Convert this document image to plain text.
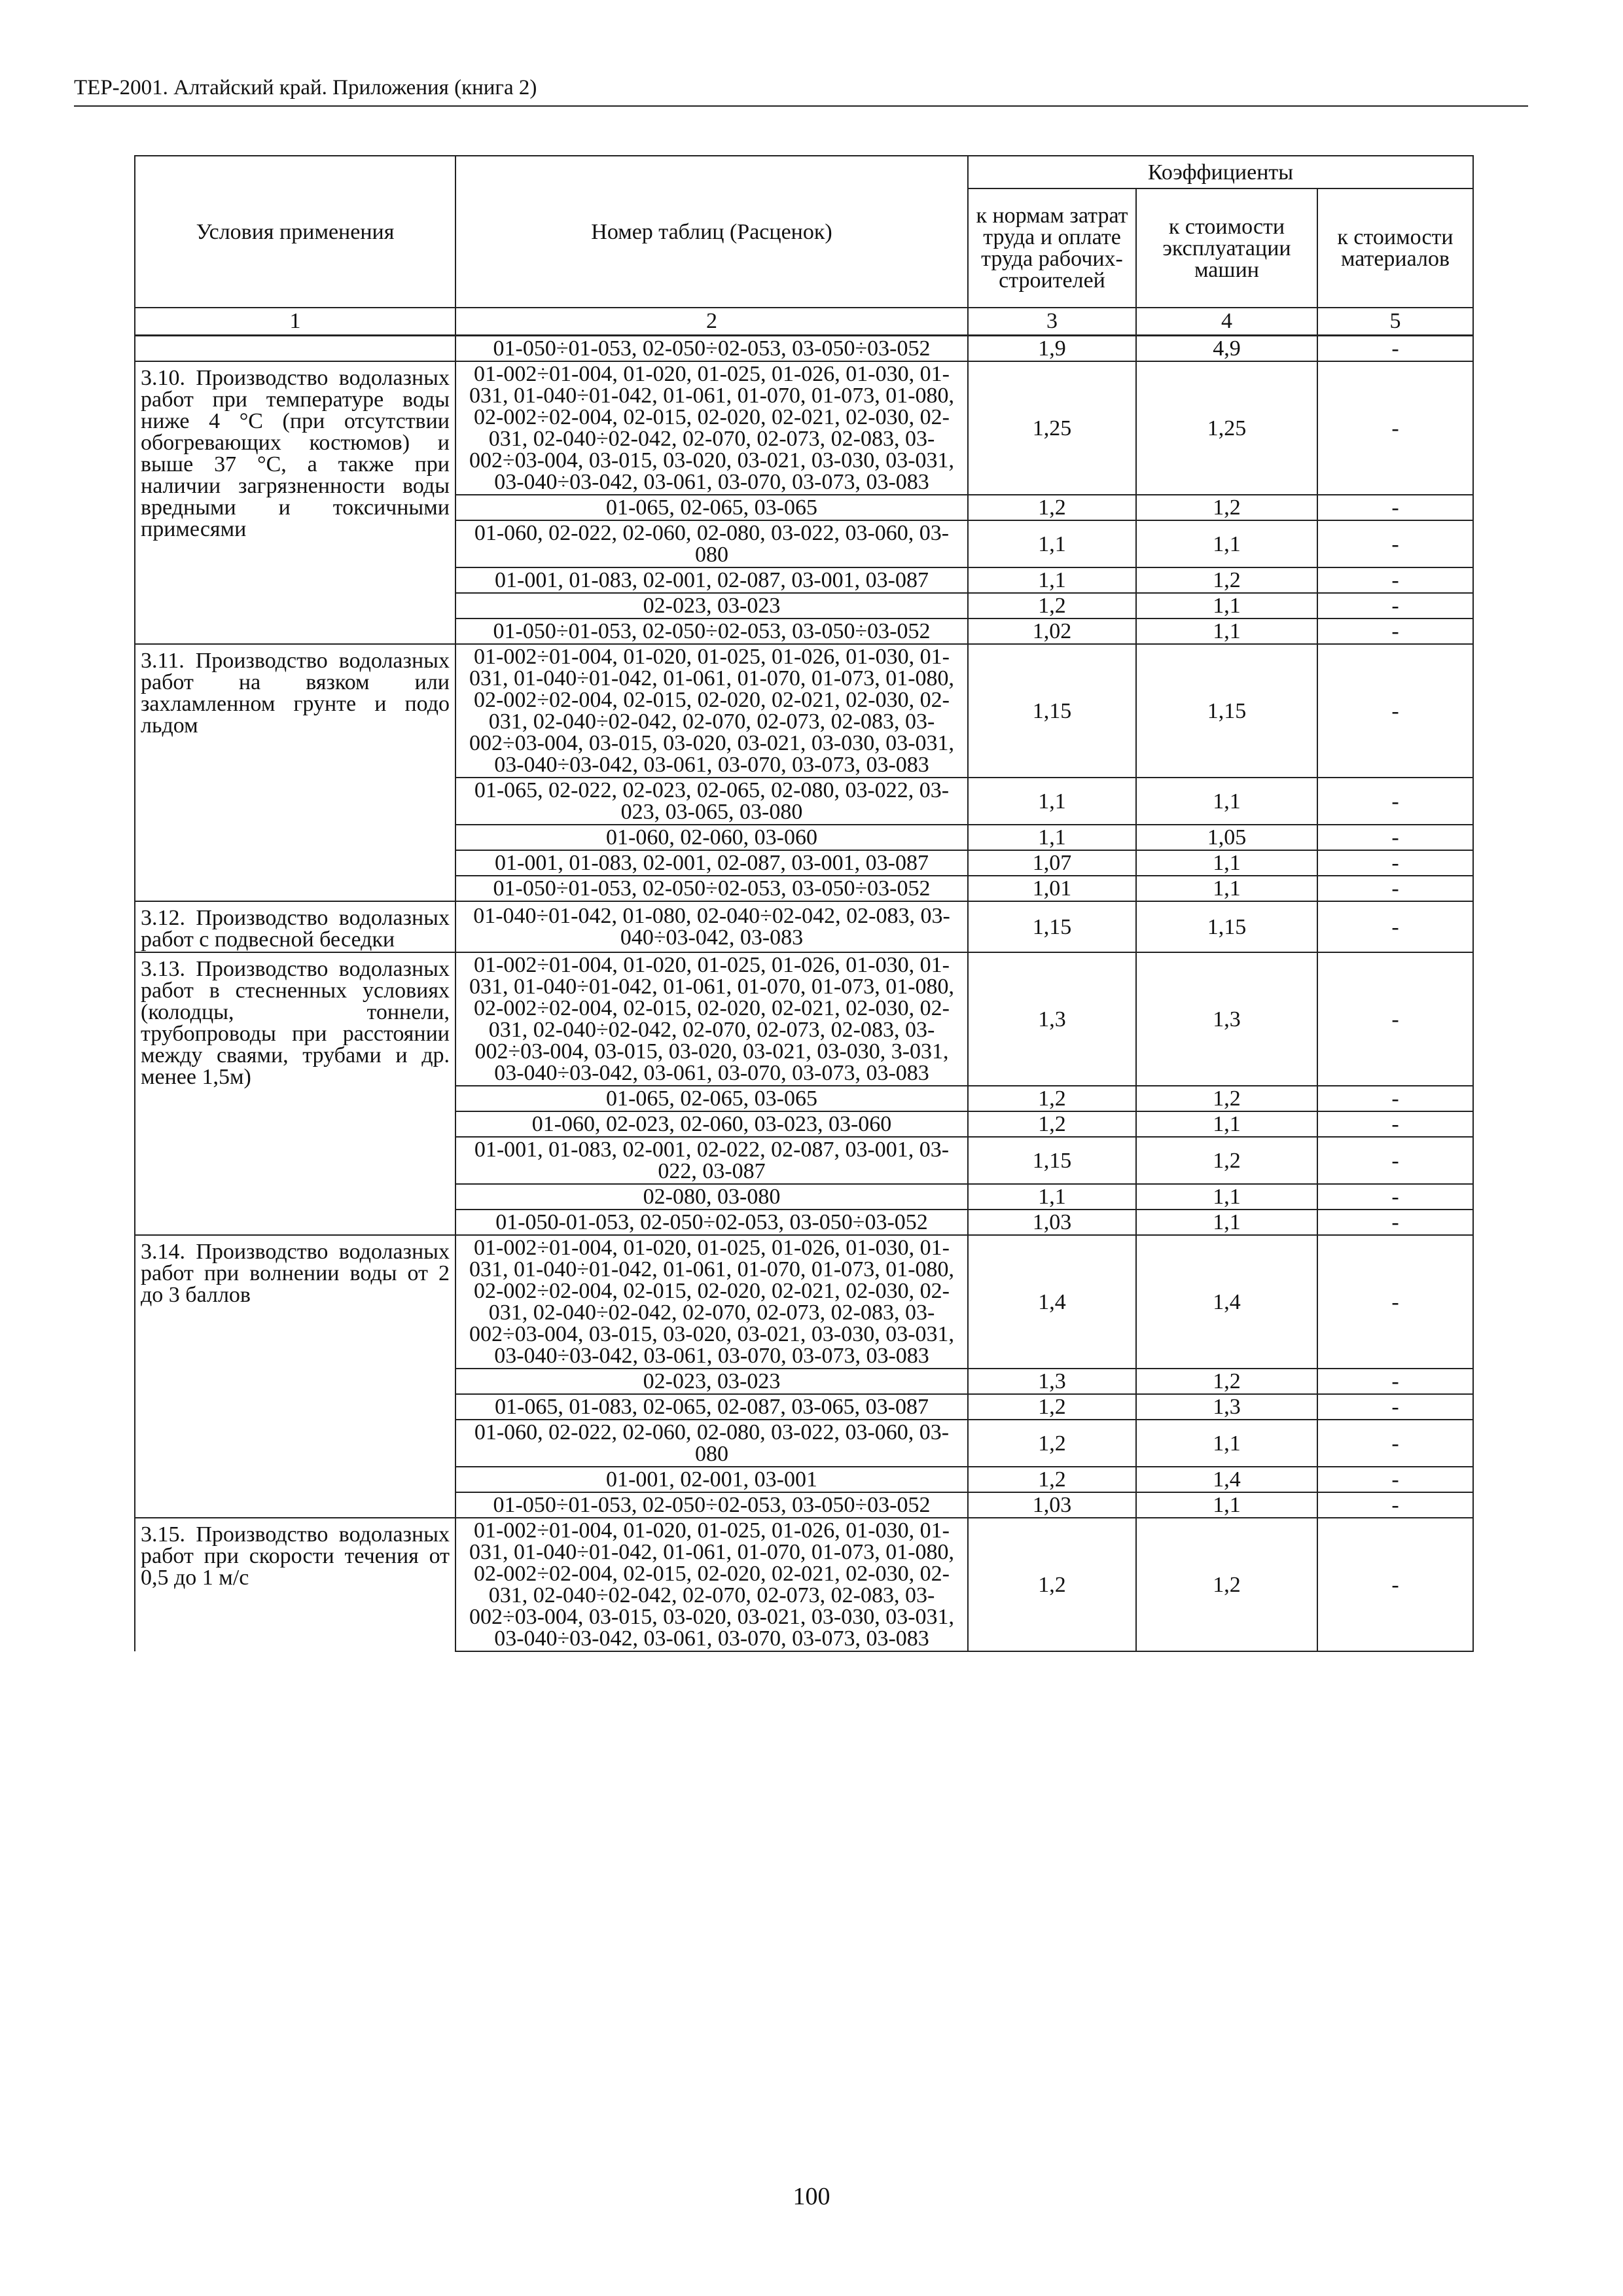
ТЕР-2001. Алтайский край. Приложения (книга 2)
Условия применения	Номер таблиц (Расценок)	Коэффициенты		
		к нормам затрат труда и оплате труда рабочих-строителей	к стоимости эксплуатации машин	к стоимости материалов
1	2	3	4	5
	01-050÷01-053, 02-050÷02-053, 03-050÷03-052	1,9	4,9	-
3.10. Производство водолазных работ при температуре воды ниже 4 °С (при отсутствии обогревающих костюмов) и выше 37 °С, а также при наличии загрязненности воды вредными и токсичными примесями	01-002÷01-004, 01-020, 01-025, 01-026, 01-030, 01-031, 01-040÷01-042, 01-061, 01-070, 01-073, 01-080, 02-002÷02-004, 02-015, 02-020, 02-021, 02-030, 02-031, 02-040÷02-042, 02-070, 02-073, 02-083, 03-002÷03-004, 03-015, 03-020, 03-021, 03-030, 03-031, 03-040÷03-042, 03-061, 03-070, 03-073, 03-083	1,25	1,25	-
	01-065, 02-065, 03-065	1,2	1,2	-
	01-060, 02-022, 02-060, 02-080, 03-022, 03-060, 03-080	1,1	1,1	-
	01-001, 01-083, 02-001, 02-087, 03-001, 03-087	1,1	1,2	-
	02-023, 03-023	1,2	1,1	-
	01-050÷01-053, 02-050÷02-053, 03-050÷03-052	1,02	1,1	-
3.11. Производство водолазных работ на вязком или захламленном грунте и подо льдом	01-002÷01-004, 01-020, 01-025, 01-026, 01-030, 01-031, 01-040÷01-042, 01-061, 01-070, 01-073, 01-080, 02-002÷02-004, 02-015, 02-020, 02-021, 02-030, 02-031, 02-040÷02-042, 02-070, 02-073, 02-083, 03-002÷03-004, 03-015, 03-020, 03-021, 03-030, 03-031, 03-040÷03-042, 03-061, 03-070, 03-073, 03-083	1,15	1,15	-
	01-065, 02-022, 02-023, 02-065, 02-080, 03-022, 03-023, 03-065, 03-080	1,1	1,1	-
	01-060, 02-060, 03-060	1,1	1,05	-
	01-001, 01-083, 02-001, 02-087, 03-001, 03-087	1,07	1,1	-
	01-050÷01-053, 02-050÷02-053, 03-050÷03-052	1,01	1,1	-
3.12. Производство водолазных работ с подвесной беседки	01-040÷01-042, 01-080, 02-040÷02-042, 02-083, 03-040÷03-042, 03-083	1,15	1,15	-
3.13. Производство водолазных работ в стесненных условиях (колодцы, тоннели, трубопроводы при расстоянии между сваями, трубами и др. менее 1,5м)	01-002÷01-004, 01-020, 01-025, 01-026, 01-030, 01-031, 01-040÷01-042, 01-061, 01-070, 01-073, 01-080, 02-002÷02-004, 02-015, 02-020, 02-021, 02-030, 02-031, 02-040÷02-042, 02-070, 02-073, 02-083, 03-002÷03-004, 03-015, 03-020, 03-021, 03-030, 3-031, 03-040÷03-042, 03-061, 03-070, 03-073, 03-083	1,3	1,3	-
	01-065, 02-065, 03-065	1,2	1,2	-
	01-060, 02-023, 02-060, 03-023, 03-060	1,2	1,1	-
	01-001, 01-083, 02-001, 02-022, 02-087, 03-001, 03-022, 03-087	1,15	1,2	-
	02-080, 03-080	1,1	1,1	-
	01-050-01-053, 02-050÷02-053, 03-050÷03-052	1,03	1,1	-
3.14. Производство водолазных работ при волнении воды от 2 до 3 баллов	01-002÷01-004, 01-020, 01-025, 01-026, 01-030, 01-031, 01-040÷01-042, 01-061, 01-070, 01-073, 01-080, 02-002÷02-004, 02-015, 02-020, 02-021, 02-030, 02-031, 02-040÷02-042, 02-070, 02-073, 02-083, 03-002÷03-004, 03-015, 03-020, 03-021, 03-030, 03-031, 03-040÷03-042, 03-061, 03-070, 03-073, 03-083	1,4	1,4	-
	02-023, 03-023	1,3	1,2	-
	01-065, 01-083, 02-065, 02-087, 03-065, 03-087	1,2	1,3	-
	01-060, 02-022, 02-060, 02-080, 03-022, 03-060, 03-080	1,2	1,1	-
	01-001, 02-001, 03-001	1,2	1,4	-
	01-050÷01-053, 02-050÷02-053, 03-050÷03-052	1,03	1,1	-
3.15. Производство водолазных работ при скорости течения от 0,5 до 1 м/с	01-002÷01-004, 01-020, 01-025, 01-026, 01-030, 01-031, 01-040÷01-042, 01-061, 01-070, 01-073, 01-080, 02-002÷02-004, 02-015, 02-020, 02-021, 02-030, 02-031, 02-040÷02-042, 02-070, 02-073, 02-083, 03-002÷03-004, 03-015, 03-020, 03-021, 03-030, 03-031, 03-040÷03-042, 03-061, 03-070, 03-073, 03-083	1,2	1,2	-
100
